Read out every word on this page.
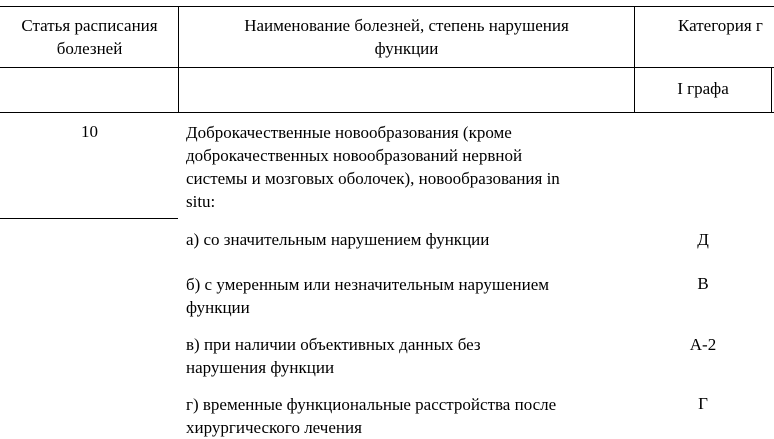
Статья расписания
болезней
Наименование болезней, степень нарушения
функции
Категория г
I графа
10	Доброкачественные новообразования (кроме
доброкачественных новообразований нервной
системы и мозговых оболочек), новообразования in
situ:
а) со значительным нарушением функции	Д
б) с умеренным или незначительным нарушением
функции
В
в) при наличии объективных данных без
нарушения функции
А-2
г) временные функциональные расстройства после
хирургического лечения
Г
